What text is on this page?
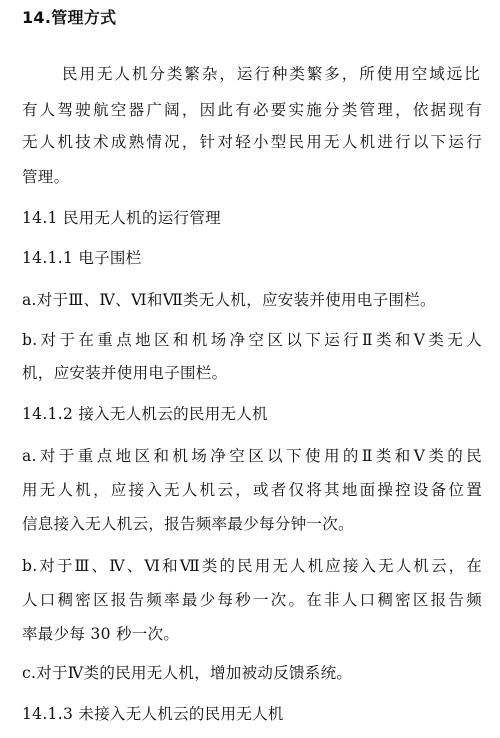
14.管理方式
民用无人机分类繁杂，运行种类繁多，所使用空域远比
有人驾驶航空器广阔，因此有必要实施分类管理，依据现有
无人机技术成熟情况，针对轻小型民用无人机进行以下运行
管理。
14.1 民用无人机的运行管理
14.1.1 电子围栏
a.对于Ⅲ、Ⅳ、Ⅵ和Ⅶ类无人机，应安装并使用电子围栏。
b.对于在重点地区和机场净空区以下运行Ⅱ类和Ⅴ类无人
机，应安装并使用电子围栏。
14.1.2 接入无人机云的民用无人机
a.对于重点地区和机场净空区以下使用的Ⅱ类和Ⅴ类的民
用无人机，应接入无人机云，或者仅将其地面操控设备位置
信息接入无人机云，报告频率最少每分钟一次。
b.对于Ⅲ、Ⅳ、Ⅵ和Ⅶ类的民用无人机应接入无人机云，在
人口稠密区报告频率最少每秒一次。在非人口稠密区报告频
率最少每 30 秒一次。
c.对于Ⅳ类的民用无人机，增加被动反馈系统。
14.1.3 未接入无人机云的民用无人机
